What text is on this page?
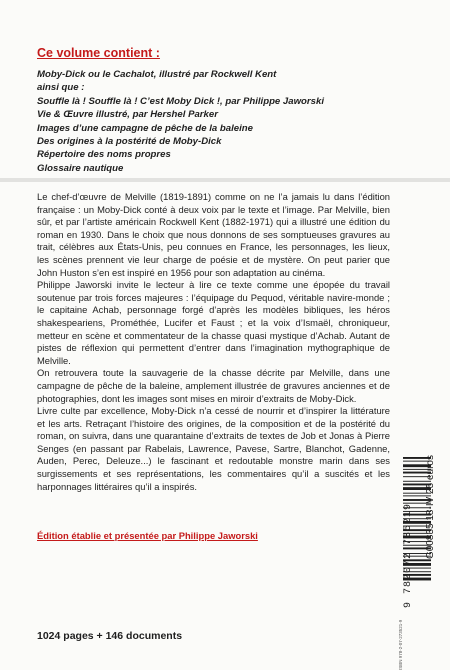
Ce volume contient :
Moby-Dick ou le Cachalot, illustré par Rockwell Kent
ainsi que :
Souffle là ! Souffle là ! C’est Moby Dick !, par Philippe Jaworski
Vie & Œuvre illustré, par Hershel Parker
Images d’une campagne de pêche de la baleine
Des origines à la postérité de Moby-Dick
Répertoire des noms propres
Glossaire nautique

Le chef-d’œuvre de Melville (1819-1891) comme on ne l’a jamais lu dans l’édition française : un Moby-Dick conté à deux voix par le texte et l’image. Par Melville, bien sûr, et par l’artiste américain Rockwell Kent (1882-1971) qui a illustré une édition du roman en 1930. Dans le choix que nous donnons de ses somptueuses gravures au trait, célèbres aux États-Unis, peu connues en France, les personnages, les lieux, les scènes prennent vie leur charge de poésie et de mystère. On peut parier que John Huston s’en est inspiré en 1956 pour son adaptation au cinéma.

Philippe Jaworski invite le lecteur à lire ce texte comme une épopée du travail soutenue par trois forces majeures : l’équipage du Pequod, véritable navire-monde ; le capitaine Achab, personnage forgé d’après les modèles bibliques, les héros shakespeariens, Prométhée, Lucifer et Faust ; et la voix d’Ismaël, chroniqueur, metteur en scène et commentateur de la chasse quasi mystique d’Achab. Autant de pistes de réflexion qui permettent d’entrer dans l’imagination mythographique de Melville.

On retrouvera toute la sauvagerie de la chasse décrite par Melville, dans une campagne de pêche de la baleine, amplement illustrée de gravures anciennes et de photographies, dont les images sont mises en miroir d’extraits de Moby-Dick.

Livre culte par excellence, Moby-Dick n’a cessé de nourrir et d’inspirer la littérature et les arts. Retraçant l’histoire des origines, de la composition et de la postérité du roman, on suivra, dans une quarantaine d’extraits de textes de Job et Jonas à Pierre Senges (en passant par Rabelais, Lawrence, Pavese, Sartre, Blanchot, Gadenne, Auden, Perec, Deleuze...) le fascinant et redoutable monstre marin dans ses surgissements et ses représentations, les commentaires qu’il a suscités et les harponnages littéraires qu’il a inspirés.

Édition établie et présentée par Philippe Jaworski
1024 pages + 146 documents	ISBN 978-2-07-273521-9
9 782072 735219 G00835 18-IV 25 euros
